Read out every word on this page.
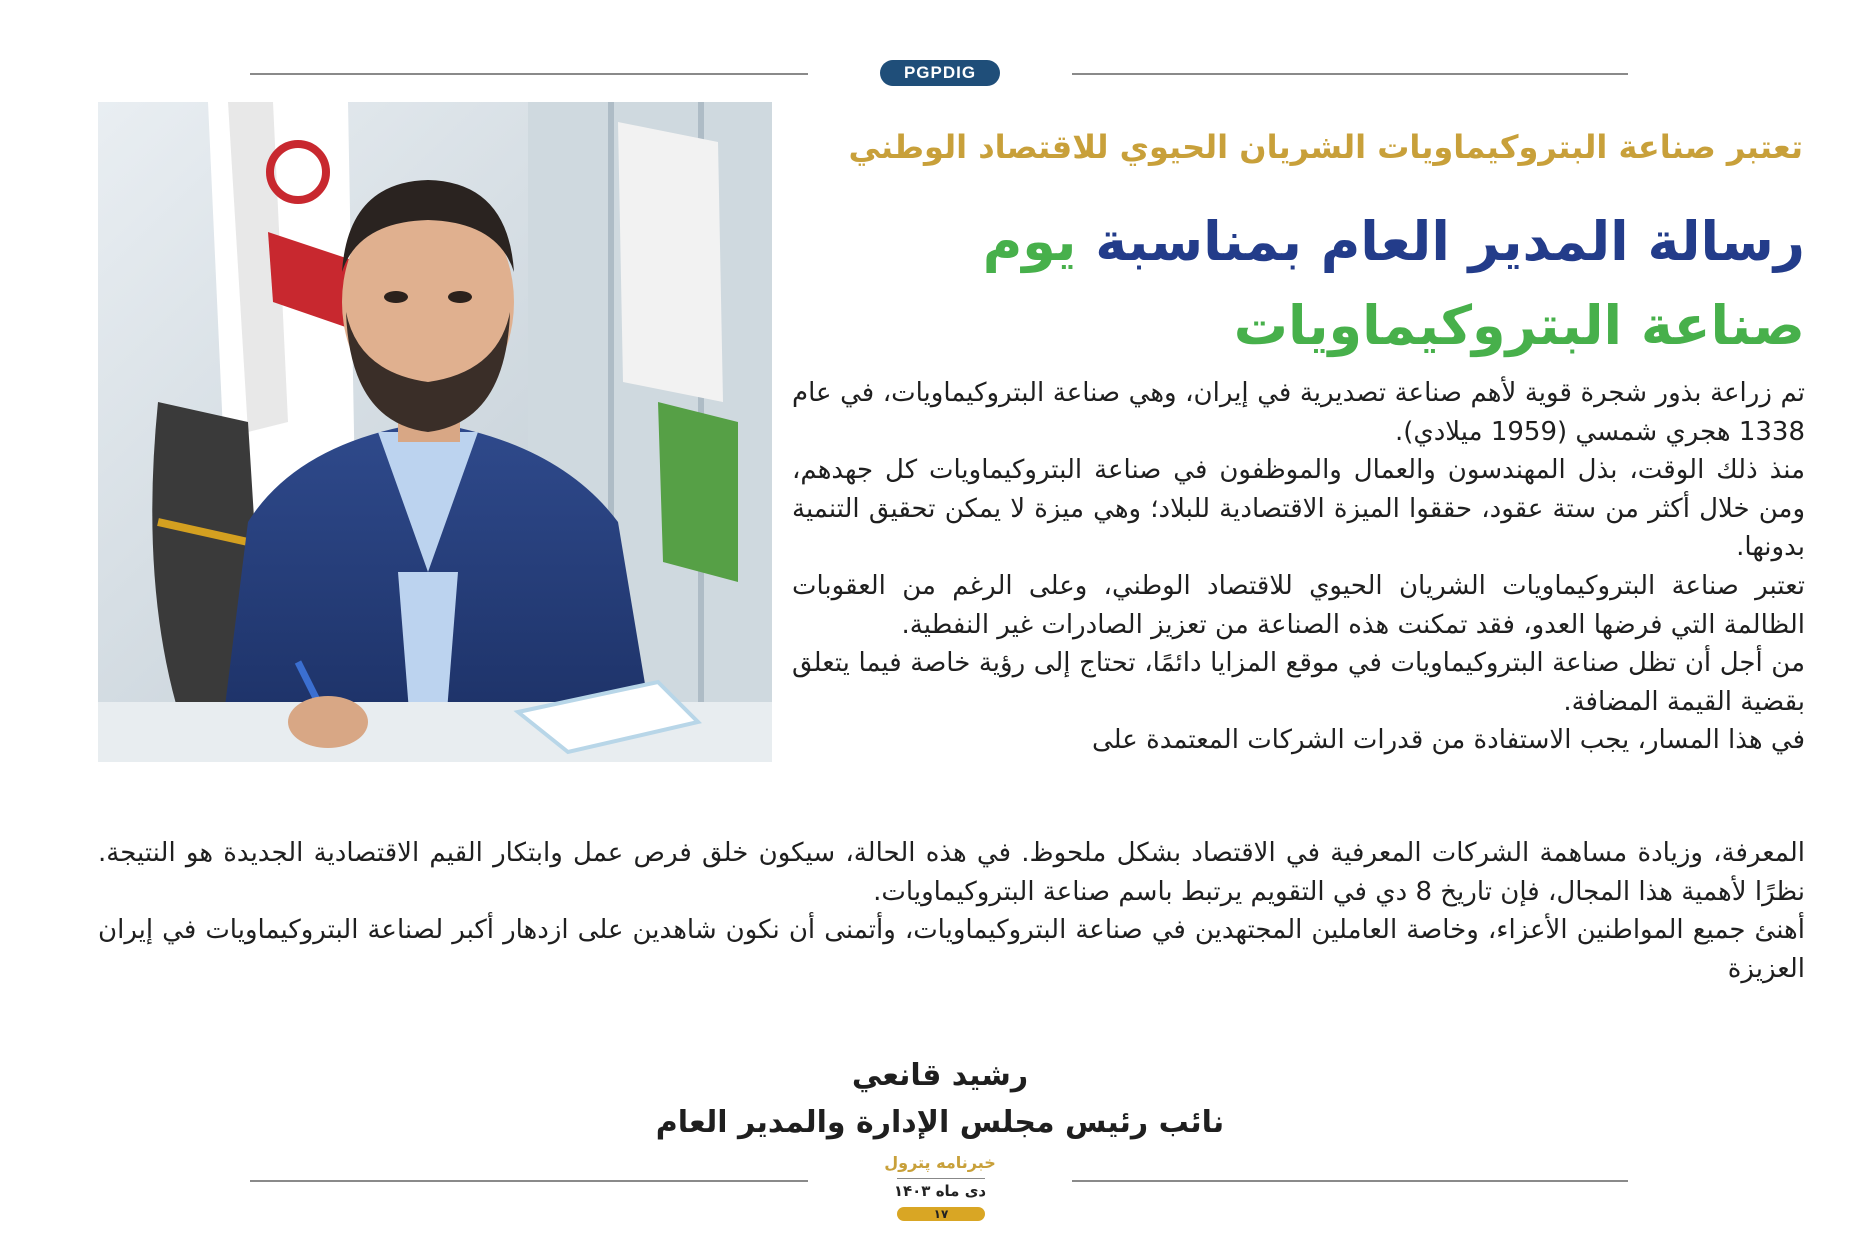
PGPDIG
تعتبر صناعة البتروكيماويات الشريان الحيوي للاقتصاد الوطني
رسالة المدير العام بمناسبة يوم
صناعة البتروكيماويات

تم زراعة بذور شجرة قوية لأهم صناعة تصديرية في إيران، وهي صناعة البتروكيماويات، في عام 1338 هجري شمسي (1959 ميلادي).

منذ ذلك الوقت، بذل المهندسون والعمال والموظفون في صناعة البتروكيماويات كل جهدهم، ومن خلال أكثر من ستة عقود، حققوا الميزة الاقتصادية للبلاد؛ وهي ميزة لا يمكن تحقيق التنمية بدونها.

تعتبر صناعة البتروكيماويات الشريان الحيوي للاقتصاد الوطني، وعلى الرغم من العقوبات الظالمة التي فرضها العدو، فقد تمكنت هذه الصناعة من تعزيز الصادرات غير النفطية.

من أجل أن تظل صناعة البتروكيماويات في موقع المزايا دائمًا، تحتاج إلى رؤية خاصة فيما يتعلق بقضية القيمة المضافة.

في هذا المسار، يجب الاستفادة من قدرات الشركات المعتمدة على

المعرفة، وزيادة مساهمة الشركات المعرفية في الاقتصاد بشكل ملحوظ. في هذه الحالة، سيكون خلق فرص عمل وابتكار القيم الاقتصادية الجديدة هو النتيجة. نظرًا لأهمية هذا المجال، فإن تاريخ 8 دي في التقويم يرتبط باسم صناعة البتروكيماويات.

أهنئ جميع المواطنين الأعزاء، وخاصة العاملين المجتهدين في صناعة البتروكيماويات، وأتمنى أن نكون شاهدين على ازدهار أكبر لصناعة البتروكيماويات في إيران العزيزة

رشيد قانعي
نائب رئيس مجلس الإدارة والمدير العام
خبرنامه پترول
دی ماه ۱۴۰۳
۱۷
